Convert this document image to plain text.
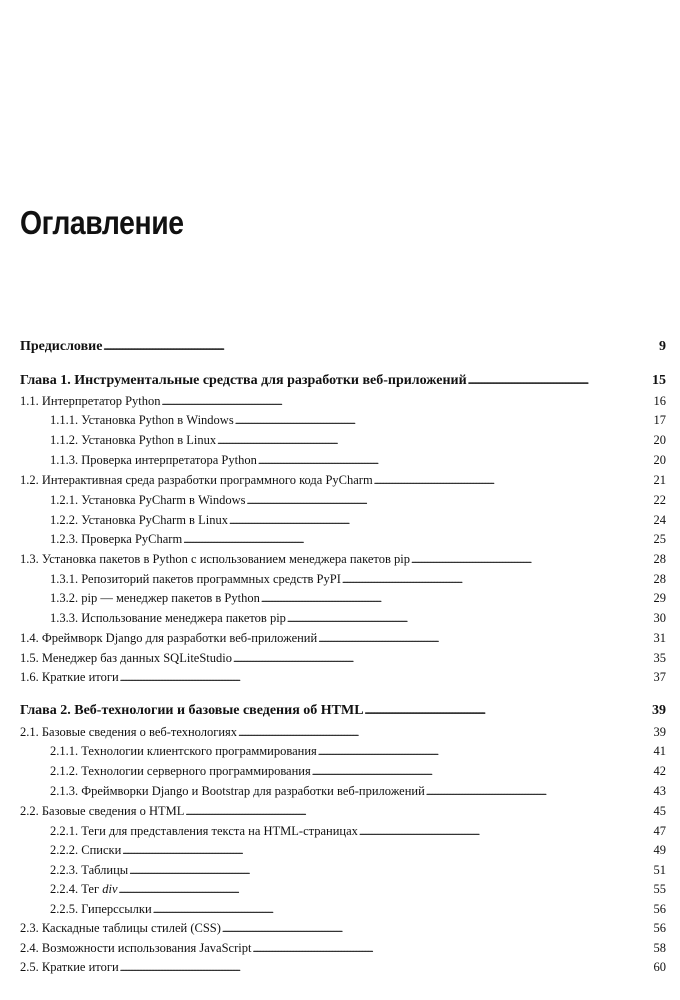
Оглавление
Предисловие . . .	9
Глава 1. Инструментальные средства для разработки веб-приложений . . .	15
1.1. Интерпретатор Python . . .	16
1.1.1. Установка Python в Windows . . .	17
1.1.2. Установка Python в Linux . . .	20
1.1.3. Проверка интерпретатора Python . . .	20
1.2. Интерактивная среда разработки программного кода PyCharm . . .	21
1.2.1. Установка PyCharm в Windows . . .	22
1.2.2. Установка PyCharm в Linux . . .	24
1.2.3. Проверка PyCharm . . .	25
1.3. Установка пакетов в Python с использованием менеджера пакетов pip . . .	28
1.3.1. Репозиторий пакетов программных средств PyPI . . .	28
1.3.2. pip — менеджер пакетов в Python . . .	29
1.3.3. Использование менеджера пакетов pip . . .	30
1.4. Фреймворк Django для разработки веб-приложений . . .	31
1.5. Менеджер баз данных SQLiteStudio . . .	35
1.6. Краткие итоги . . .	37
Глава 2. Веб-технологии и базовые сведения об HTML . . .	39
2.1. Базовые сведения о веб-технологиях . . .	39
2.1.1. Технологии клиентского программирования . . .	41
2.1.2. Технологии серверного программирования . . .	42
2.1.3. Фреймворки Django и Bootstrap для разработки веб-приложений . . .	43
2.2. Базовые сведения о HTML . . .	45
2.2.1. Теги для представления текста на HTML-страницах . . .	47
2.2.2. Списки . . .	49
2.2.3. Таблицы . . .	51
2.2.4. Тег div . . .	55
2.2.5. Гиперссылки . . .	56
2.3. Каскадные таблицы стилей (CSS) . . .	56
2.4. Возможности использования JavaScript . . .	58
2.5. Краткие итоги . . .	60
